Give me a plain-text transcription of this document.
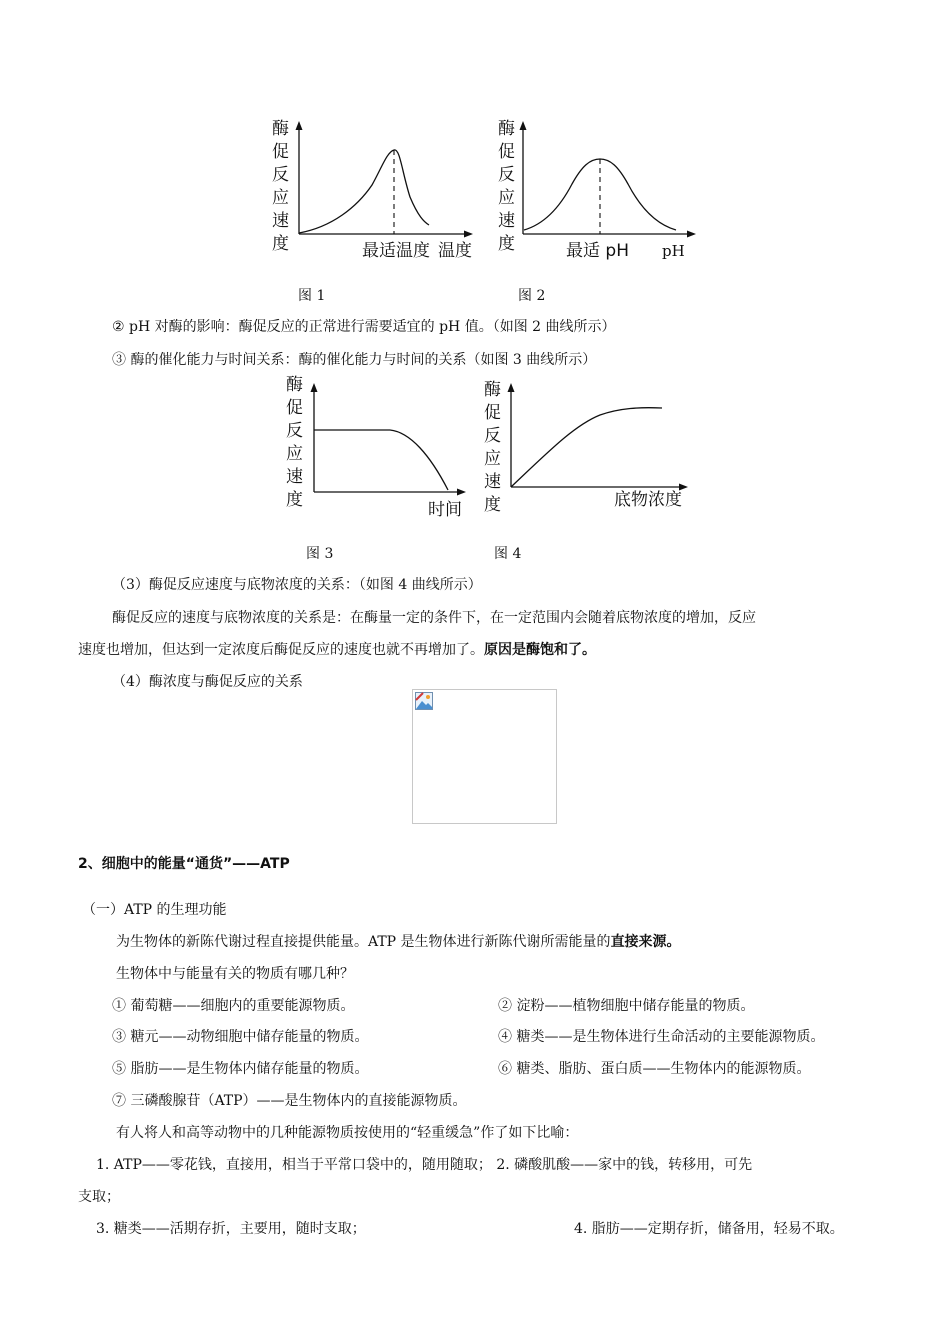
酶
促
反
应
速
度	最适温度 温度
酶
促
反
应
速
度	最适 pH pH
图 1	图 2
② pH 对酶的影响：酶促反应的正常进行需要适宜的 pH 值。（如图 2 曲线所示）
③ 酶的催化能力与时间关系：酶的催化能力与时间的关系（如图 3 曲线所示）
酶
促
反
应
速
度	时间
酶
促
反
应
速
度	底物浓度
图 3	图 4
（3）酶促反应速度与底物浓度的关系：（如图 4 曲线所示）
酶促反应的速度与底物浓度的关系是：在酶量一定的条件下，在一定范围内会随着底物浓度的增加，反应
速度也增加，但达到一定浓度后酶促反应的速度也就不再增加了。原因是酶饱和了。
（4）酶浓度与酶促反应的关系
2、细胞中的能量“通货”——ATP
（一）ATP 的生理功能
为生物体的新陈代谢过程直接提供能量。ATP 是生物体进行新陈代谢所需能量的直接来源。
生物体中与能量有关的物质有哪几种？
① 葡萄糖——细胞内的重要能源物质。	② 淀粉——植物细胞中储存能量的物质。
③ 糖元——动物细胞中储存能量的物质。	④ 糖类——是生物体进行生命活动的主要能源物质。
⑤ 脂肪——是生物体内储存能量的物质。	⑥ 糖类、脂肪、蛋白质——生物体内的能源物质。
⑦ 三磷酸腺苷（ATP）——是生物体内的直接能源物质。
有人将人和高等动物中的几种能源物质按使用的“轻重缓急”作了如下比喻：
1. ATP——零花钱，直接用，相当于平常口袋中的，随用随取； 2. 磷酸肌酸——家中的钱，转移用，可先
支取；
3. 糖类——活期存折，主要用，随时支取；	4. 脂肪——定期存折，储备用，轻易不取。
